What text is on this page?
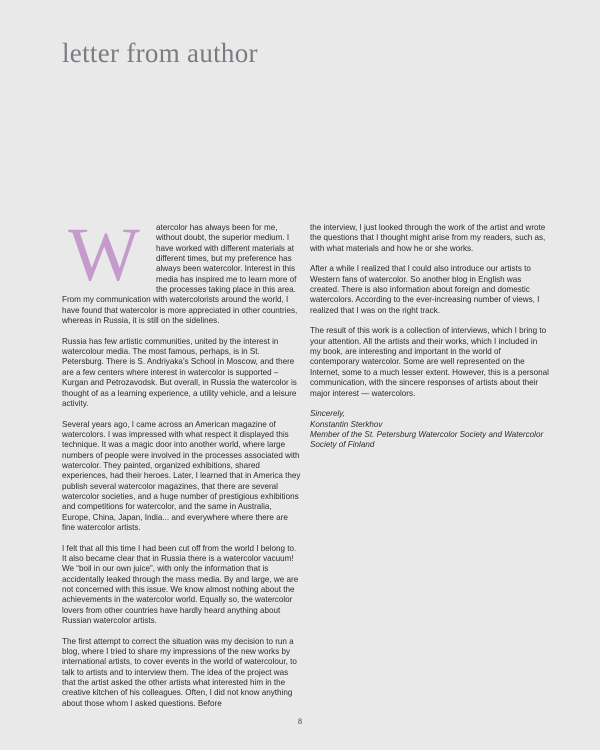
letter from author
W	atercolor has always been for me, without doubt, the superior medium. I have worked with different materials at different times, but my preference has always been watercolor. Interest in this media has inspired me to learn more of the processes taking place in this area. From my communication with watercolorists around the world, I have found that watercolor is more appreciated in other countries, whereas in Russia, it is still on the sidelines.

Russia has few artistic communities, united by the interest in watercolour media. The most famous, perhaps, is in St. Petersburg. There is S. Andriyaka’s School in Moscow, and there are a few centers where interest in watercolor is supported – Kurgan and Petrozavodsk. But overall, in Russia the watercolor is thought of as a learning experience, a utility vehicle, and a leisure activity.

Several years ago, I came across an American magazine of watercolors. I was impressed with what respect it displayed this technique. It was a magic door into another world, where large numbers of people were involved in the processes associated with watercolor. They painted, organized exhibitions, shared experiences, had their heroes. Later, I learned that in America they publish several watercolor magazines, that there are several watercolor societies, and a huge number of prestigious exhibitions and competitions for watercolor, and the same in Australia, Europe, China, Japan, India... and everywhere where there are fine watercolor artists.

I felt that all this time I had been cut off from the world I belong to. It also became clear that in Russia there is a watercolor vacuum! We “boil in our own juice”, with only the information that is accidentally leaked through the mass media. By and large, we are not concerned with this issue. We know almost nothing about the achievements in the watercolor world. Equally so, the watercolor lovers from other countries have hardly heard anything about Russian watercolor artists.

The first attempt to correct the situation was my decision to run a blog, where I tried to share my impressions of the new works by international artists, to cover events in the world of watercolour, to talk to artists and to interview them. The idea of the project was that the artist asked the other artists what interested him in the creative kitchen of his colleagues. Often, I did not know anything about those whom I asked questions. Before

the interview, I just looked through the work of the artist and wrote the questions that I thought might arise from my readers, such as, with what materials and how he or she works.

After a while I realized that I could also introduce our artists to Western fans of watercolor. So another blog in English was created. There is also information about foreign and domestic watercolors. According to the ever-increasing number of views, I realized that I was on the right track.

The result of this work is a collection of interviews, which I bring to your attention. All the artists and their works, which I included in my book, are interesting and important in the world of contemporary watercolor. Some are well represented on the Internet, some to a much lesser extent. However, this is a personal communication, with the sincere responses of artists about their major interest — watercolors.

Sincerely,
Konstantin Sterkhov
Member of the St. Petersburg Watercolor Society and Watercolor Society of Finland

8
